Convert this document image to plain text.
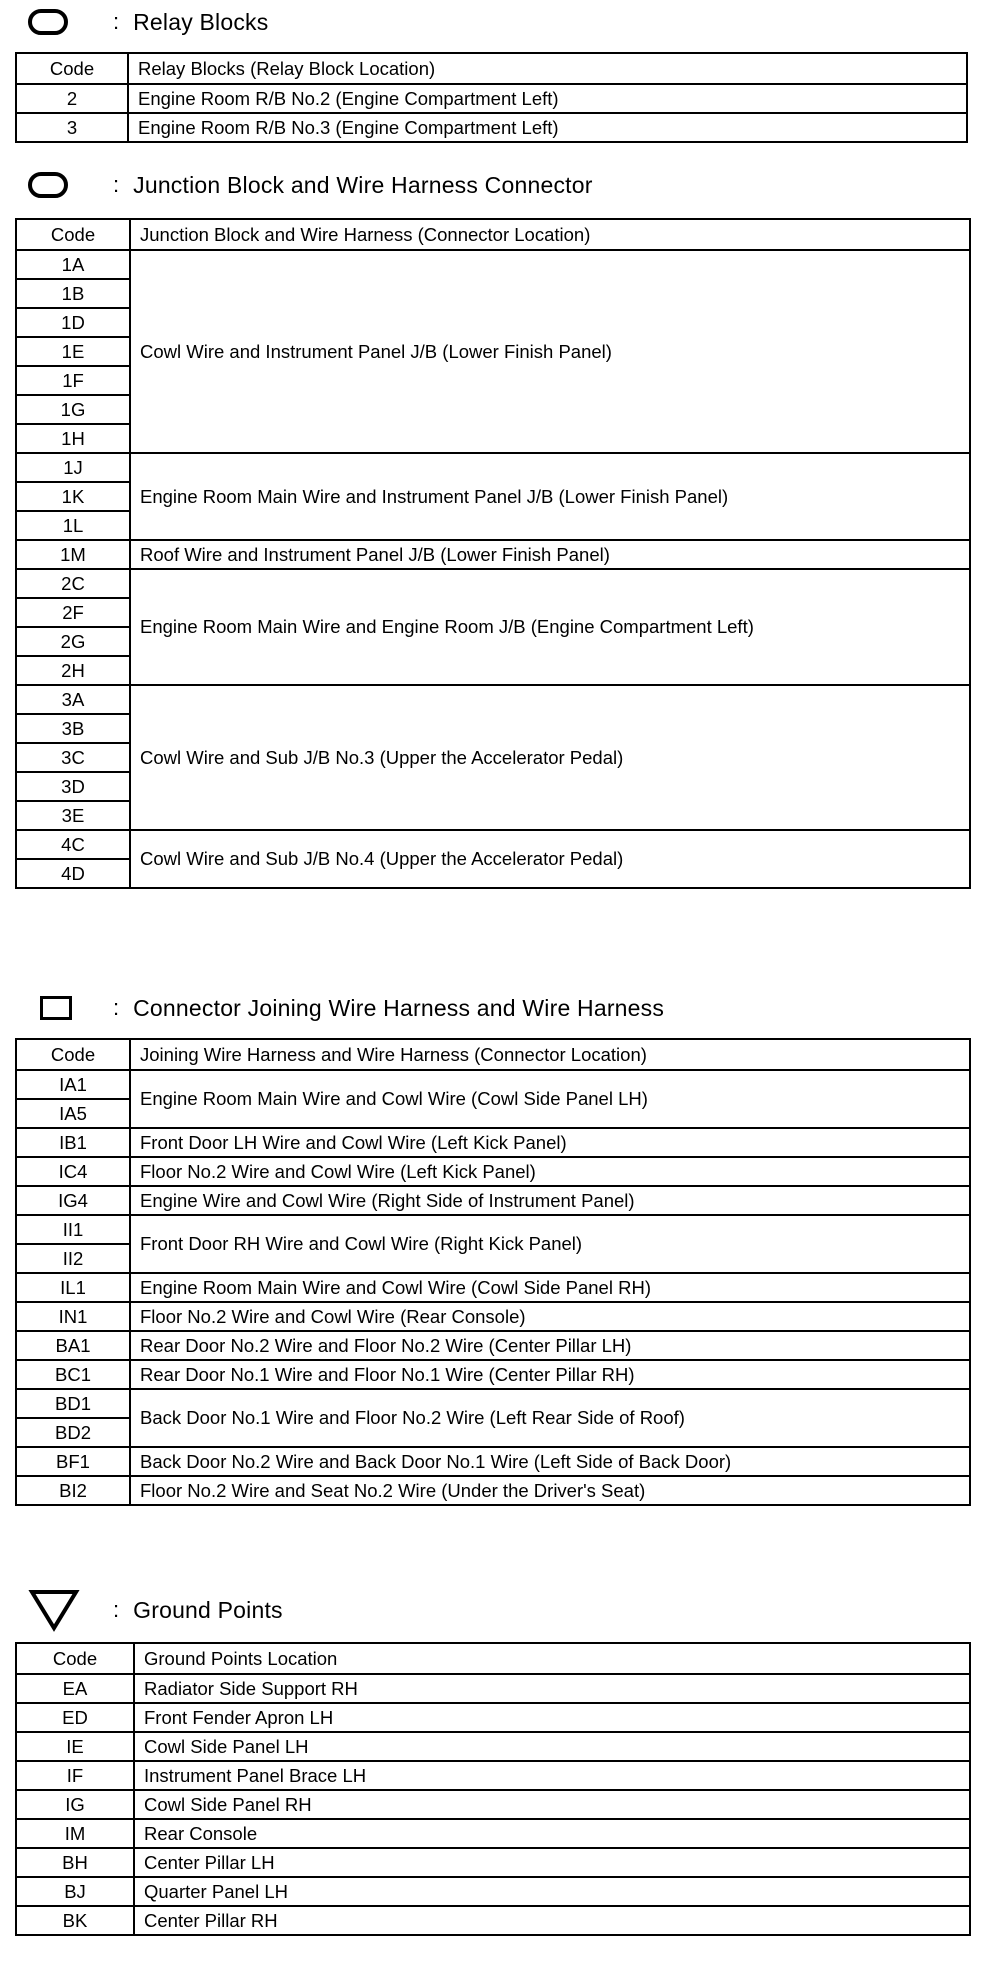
: Relay Blocks
Code	Relay Blocks (Relay Block Location)
2	Engine Room R/B No.2 (Engine Compartment Left)
3	Engine Room R/B No.3 (Engine Compartment Left)
: Junction Block and Wire Harness Connector
Code	Junction Block and Wire Harness (Connector Location)
1A	Cowl Wire and Instrument Panel J/B (Lower Finish Panel)
1B	
1D	
1E	
1F	
1G	
1H	
1J	Engine Room Main Wire and Instrument Panel J/B (Lower Finish Panel)
1K	
1L	
1M	Roof Wire and Instrument Panel J/B (Lower Finish Panel)
2C	Engine Room Main Wire and Engine Room J/B (Engine Compartment Left)
2F	
2G	
2H	
3A	Cowl Wire and Sub J/B No.3 (Upper the Accelerator Pedal)
3B	
3C	
3D	
3E	
4C	Cowl Wire and Sub J/B No.4 (Upper the Accelerator Pedal)
4D	
: Connector Joining Wire Harness and Wire Harness
Code	Joining Wire Harness and Wire Harness (Connector Location)
IA1	Engine Room Main Wire and Cowl Wire (Cowl Side Panel LH)
IA5	
IB1	Front Door LH Wire and Cowl Wire (Left Kick Panel)
IC4	Floor No.2 Wire and Cowl Wire (Left Kick Panel)
IG4	Engine Wire and Cowl Wire (Right Side of Instrument Panel)
II1	Front Door RH Wire and Cowl Wire (Right Kick Panel)
II2	
IL1	Engine Room Main Wire and Cowl Wire (Cowl Side Panel RH)
IN1	Floor No.2 Wire and Cowl Wire (Rear Console)
BA1	Rear Door No.2 Wire and Floor No.2 Wire (Center Pillar LH)
BC1	Rear Door No.1 Wire and Floor No.1 Wire (Center Pillar RH)
BD1	Back Door No.1 Wire and Floor No.2 Wire (Left Rear Side of Roof)
BD2	
BF1	Back Door No.2 Wire and Back Door No.1 Wire (Left Side of Back Door)
BI2	Floor No.2 Wire and Seat No.2 Wire (Under the Driver's Seat)
: Ground Points
Code	Ground Points Location
EA	Radiator Side Support RH
ED	Front Fender Apron LH
IE	Cowl Side Panel LH
IF	Instrument Panel Brace LH
IG	Cowl Side Panel RH
IM	Rear Console
BH	Center Pillar LH
BJ	Quarter Panel LH
BK	Center Pillar RH
